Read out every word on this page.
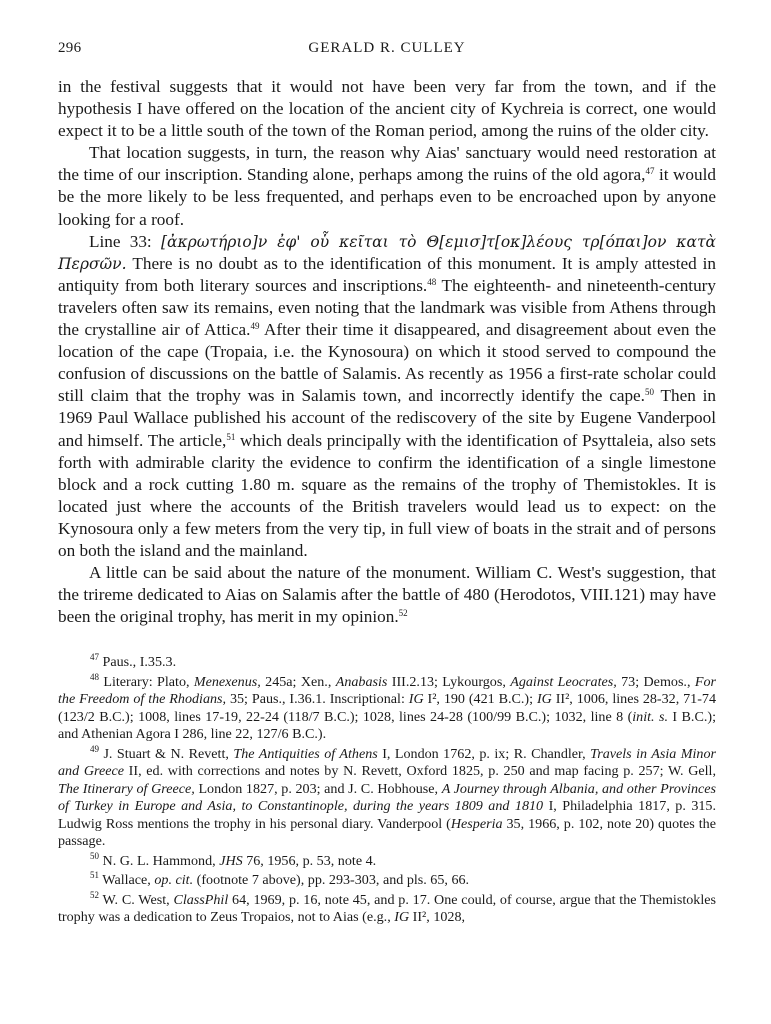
296	GERALD R. CULLEY

in the festival suggests that it would not have been very far from the town, and if the hypothesis I have offered on the location of the ancient city of Kychreia is correct, one would expect it to be a little south of the town of the Roman period, among the ruins of the older city.

That location suggests, in turn, the reason why Aias' sanctuary would need restoration at the time of our inscription. Standing alone, perhaps among the ruins of the old agora,$^{47}$ it would be the more likely to be less frequented, and perhaps even to be encroached upon by anyone looking for a roof.

Line 33: [ἀκρωτήριο]ν ἐφ' οὗ κεῖται τὸ Θ[εμισ]τ[οκ]λέους τρ[όπαι]ον κατὰ Περσῶν. There is no doubt as to the identification of this monument. It is amply attested in antiquity from both literary sources and inscriptions.$^{48}$ The eighteenth- and nineteenth-century travelers often saw its remains, even noting that the landmark was visible from Athens through the crystalline air of Attica.$^{49}$ After their time it disappeared, and disagreement about even the location of the cape (Tropaia, i.e. the Kynosoura) on which it stood served to compound the confusion of discussions on the battle of Salamis. As recently as 1956 a first-rate scholar could still claim that the trophy was in Salamis town, and incorrectly identify the cape.$^{50}$ Then in 1969 Paul Wallace published his account of the rediscovery of the site by Eugene Vanderpool and himself. The article,$^{51}$ which deals principally with the identification of Psyttaleia, also sets forth with admirable clarity the evidence to confirm the identification of a single limestone block and a rock cutting 1.80 m. square as the remains of the trophy of Themistokles. It is located just where the accounts of the British travelers would lead us to expect: on the Kynosoura only a few meters from the very tip, in full view of boats in the strait and of persons on both the island and the mainland.

A little can be said about the nature of the monument. William C. West's suggestion, that the trireme dedicated to Aias on Salamis after the battle of 480 (Herodotos, VIII.121) may have been the original trophy, has merit in my opinion.$^{52}$

$^{47}$ Paus., I.35.3.

$^{48}$ Literary: Plato, Menexenus, 245a; Xen., Anabasis III.2.13; Lykourgos, Against Leocrates, 73; Demos., For the Freedom of the Rhodians, 35; Paus., I.36.1. Inscriptional: IG I², 190 (421 B.C.); IG II², 1006, lines 28-32, 71-74 (123/2 B.C.); 1008, lines 17-19, 22-24 (118/7 B.C.); 1028, lines 24-28 (100/99 B.C.); 1032, line 8 (init. s. I B.C.); and Athenian Agora I 286, line 22, 127/6 B.C.).

$^{49}$ J. Stuart & N. Revett, The Antiquities of Athens I, London 1762, p. ix; R. Chandler, Travels in Asia Minor and Greece II, ed. with corrections and notes by N. Revett, Oxford 1825, p. 250 and map facing p. 257; W. Gell, The Itinerary of Greece, London 1827, p. 203; and J. C. Hobhouse, A Journey through Albania, and other Provinces of Turkey in Europe and Asia, to Constantinople, during the years 1809 and 1810 I, Philadelphia 1817, p. 315. Ludwig Ross mentions the trophy in his personal diary. Vanderpool (Hesperia 35, 1966, p. 102, note 20) quotes the passage.

$^{50}$ N. G. L. Hammond, JHS 76, 1956, p. 53, note 4.

$^{51}$ Wallace, op. cit. (footnote 7 above), pp. 293-303, and pls. 65, 66.

$^{52}$ W. C. West, ClassPhil 64, 1969, p. 16, note 45, and p. 17. One could, of course, argue that the Themistokles trophy was a dedication to Zeus Tropaios, not to Aias (e.g., IG II², 1028,
